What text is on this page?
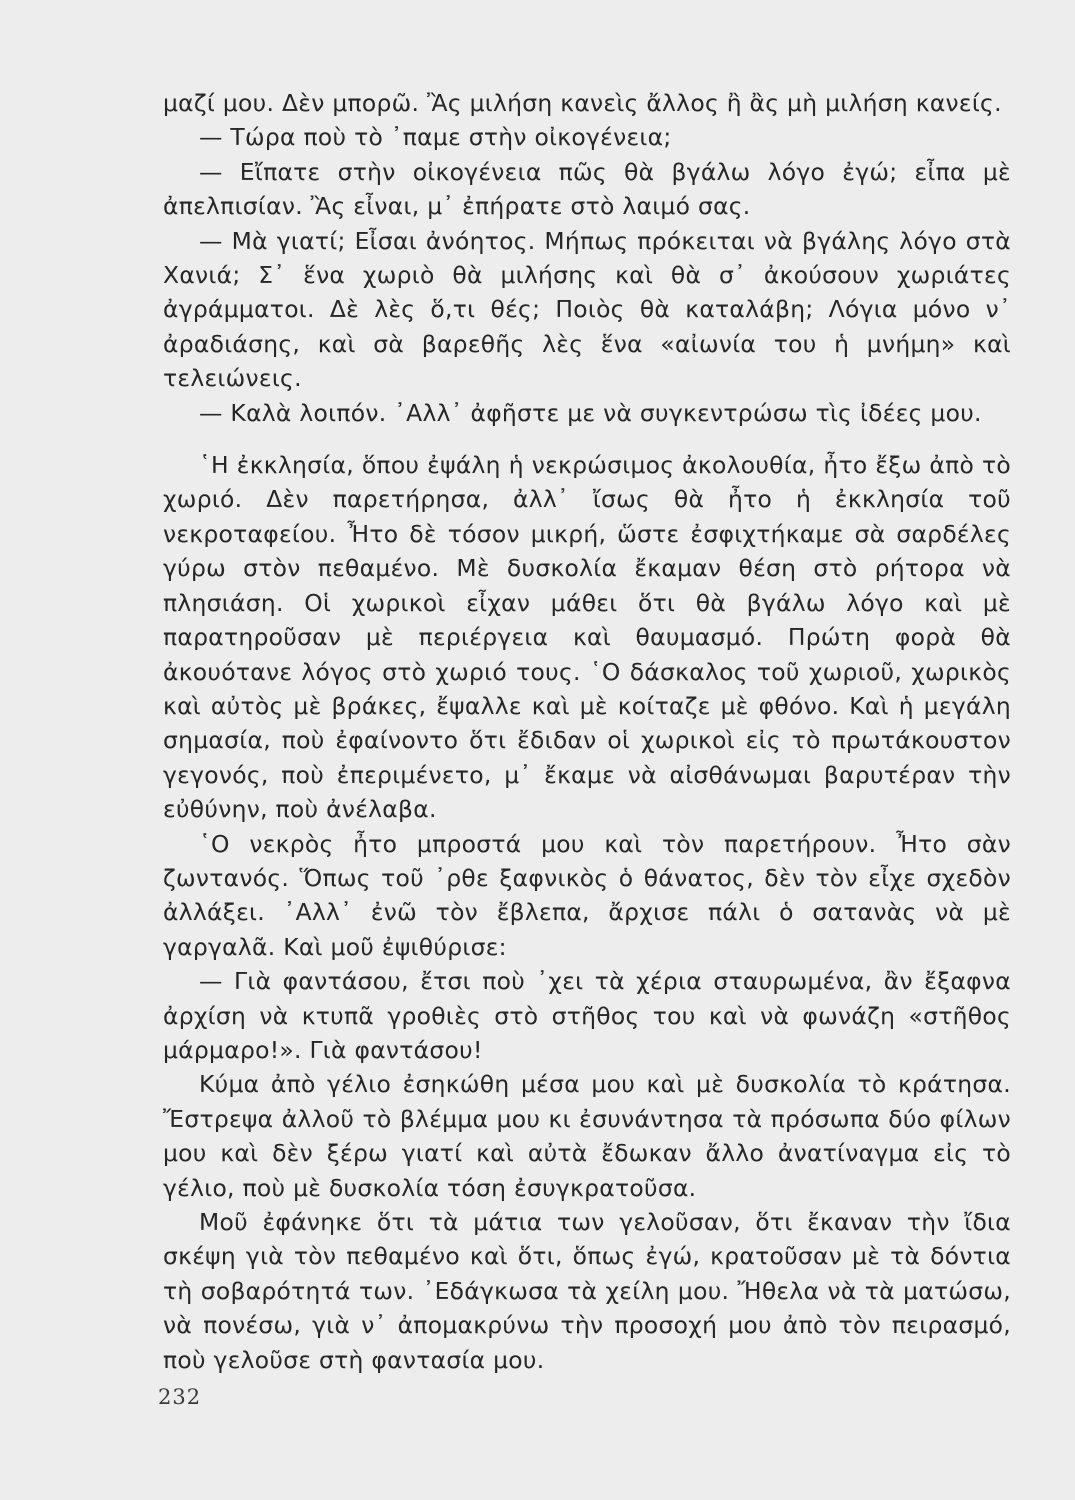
μαζί μου. Δὲν μπορῶ. Ἂς μιλήση κανεὶς ἄλλος ἢ ἂς μὴ μιλήση κανείς.

— Τώρα ποὺ τὸ ᾿παμε στὴν οἰκογένεια;

— Εἴπατε στὴν οἰκογένεια πῶς θὰ βγάλω λόγο ἐγώ; εἶπα μὲ ἀπελπισίαν. Ἂς εἶναι, μ᾿ ἐπήρατε στὸ λαιμό σας.

— Μὰ γιατί; Εἶσαι ἀνόητος. Μήπως πρόκειται νὰ βγάλης λόγο στὰ Χανιά; Σ᾿ ἕνα χωριὸ θὰ μιλήσης καὶ θὰ σ᾿ ἀκούσουν χωριάτες ἀγράμματοι. Δὲ λὲς ὅ,τι θές; Ποιὸς θὰ καταλάβη; Λόγια μόνο ν᾿ ἀραδιάσης, καὶ σὰ βαρεθῆς λὲς ἕνα «αἰωνία του ἡ μνήμη» καὶ τελειώνεις.

— Καλὰ λοιπόν. ᾿Αλλ᾿ ἀφῆστε με νὰ συγκεντρώσω τὶς ἰδέες μου.

῾Η ἐκκλησία, ὅπου ἐψάλη ἡ νεκρώσιμος ἀκολουθία, ἦτο ἔξω ἀπὸ τὸ χωριό. Δὲν παρετήρησα, ἀλλ᾿ ἴσως θὰ ἦτο ἡ ἐκκλησία τοῦ νεκροταφείου. Ἦτο δὲ τόσον μικρή, ὥστε ἐσφιχτήκαμε σὰ σαρδέλες γύρω στὸν πεθαμένο. Μὲ δυσκολία ἔκαμαν θέση στὸ ρήτορα νὰ πλησιάση. Οἱ χωρικοὶ εἶχαν μάθει ὅτι θὰ βγάλω λόγο καὶ μὲ παρατηροῦσαν μὲ περιέργεια καὶ θαυμασμό. Πρώτη φορὰ θὰ ἀκουότανε λόγος στὸ χωριό τους. ῾Ο δάσκαλος τοῦ χωριοῦ, χωρικὸς καὶ αὐτὸς μὲ βράκες, ἔψαλλε καὶ μὲ κοίταζε μὲ φθόνο. Καὶ ἡ μεγάλη σημασία, ποὺ ἐφαίνοντο ὅτι ἔδιδαν οἱ χωρικοὶ εἰς τὸ πρωτάκουστον γεγονός, ποὺ ἐπεριμένετο, μ᾿ ἔκαμε νὰ αἰσθάνωμαι βαρυτέραν τὴν εὐθύνην, ποὺ ἀνέλαβα.

῾Ο νεκρὸς ἦτο μπροστά μου καὶ τὸν παρετήρουν. Ἦτο σὰν ζωντανός. Ὅπως τοῦ ᾿ρθε ξαφνικὸς ὁ θάνατος, δὲν τὸν εἶχε σχεδὸν ἀλλάξει. ᾿Αλλ᾿ ἐνῶ τὸν ἔβλεπα, ἄρχισε πάλι ὁ σατανὰς νὰ μὲ γαργαλᾶ. Καὶ μοῦ ἐψιθύρισε:

— Γιὰ φαντάσου, ἔτσι ποὺ ᾿χει τὰ χέρια σταυρωμένα, ἂν ἔξαφνα ἀρχίση νὰ κτυπᾶ γροθιὲς στὸ στῆθος του καὶ νὰ φωνάζη «στῆθος μάρμαρο!». Γιὰ φαντάσου!

Κύμα ἀπὸ γέλιο ἐσηκώθη μέσα μου καὶ μὲ δυσκολία τὸ κράτησα. Ἔστρεψα ἀλλοῦ τὸ βλέμμα μου κι ἐσυνάντησα τὰ πρόσωπα δύο φίλων μου καὶ δὲν ξέρω γιατί καὶ αὐτὰ ἔδωκαν ἄλλο ἀνατίναγμα εἰς τὸ γέλιο, ποὺ μὲ δυσκολία τόση ἐσυγκρατοῦσα.

Μοῦ ἐφάνηκε ὅτι τὰ μάτια των γελοῦσαν, ὅτι ἔκαναν τὴν ἴδια σκέψη γιὰ τὸν πεθαμένο καὶ ὅτι, ὅπως ἐγώ, κρατοῦσαν μὲ τὰ δόντια τὴ σοβαρότητά των. ᾿Εδάγκωσα τὰ χείλη μου. Ἤθελα νὰ τὰ ματώσω, νὰ πονέσω, γιὰ ν᾿ ἀπομακρύνω τὴν προσοχή μου ἀπὸ τὸν πειρασμό, ποὺ γελοῦσε στὴ φαντασία μου.

232
